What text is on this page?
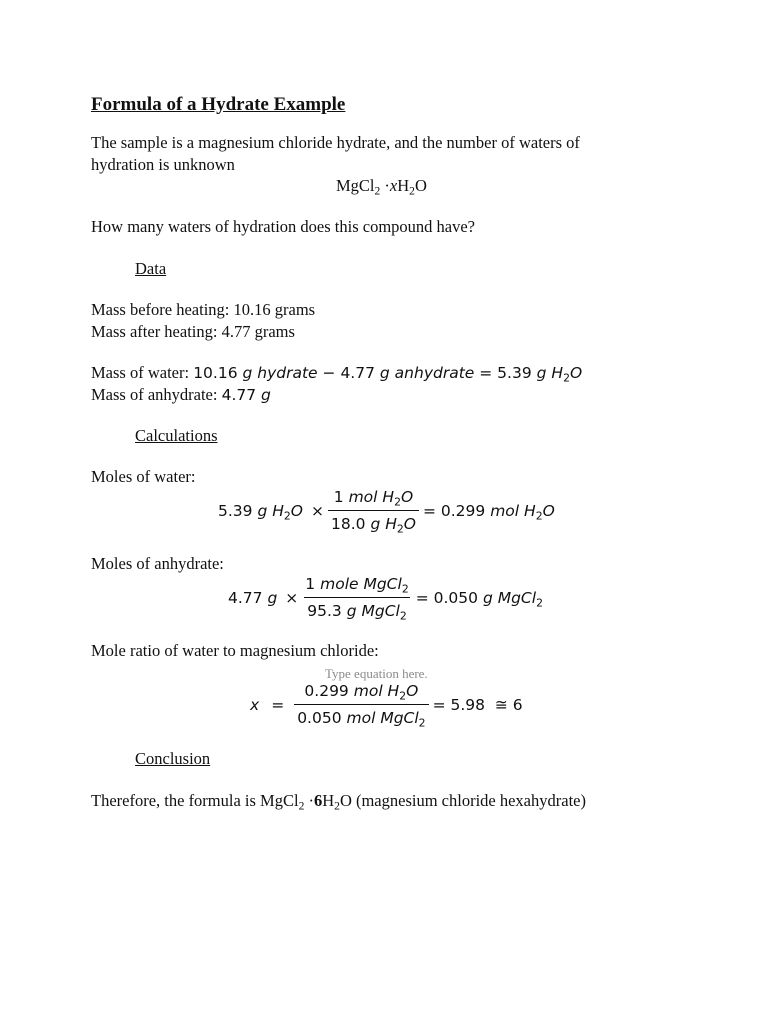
Formula of a Hydrate Example
The sample is a magnesium chloride hydrate, and the number of waters of
hydration is unknown
MgCl$_2$ $\cdot xH_2O$
How many waters of hydration does this compound have?
Data
Mass before heating: 10.16 grams
Mass after heating: 4.77 grams
Mass of water: 10.16 g hydrate − 4.77 g anhydrate = 5.39 g $H_2O$
Mass of anhydrate: 4.77 g
Calculations
Moles of water:
5.39 g $H_2O \times \frac{1 mol H_2O}{18.0 g H_2O} = 0.299$ mol $H_2O$
Moles of anhydrate:
4.77 $g \times \frac{1 mole MgCl_2}{95.3 g MgCl_2} = 0.050$ g MgCl$_2$
Mole ratio of water to magnesium chloride:
Type equation here.
$x = \frac{0.299 mol H_2O}{0.050 mol MgCl_2} = 5.98$  ≅ 6
Conclusion
Therefore, the formula is MgCl$_2$ $\cdot 6H_2O$ (magnesium chloride hexahydrate)
